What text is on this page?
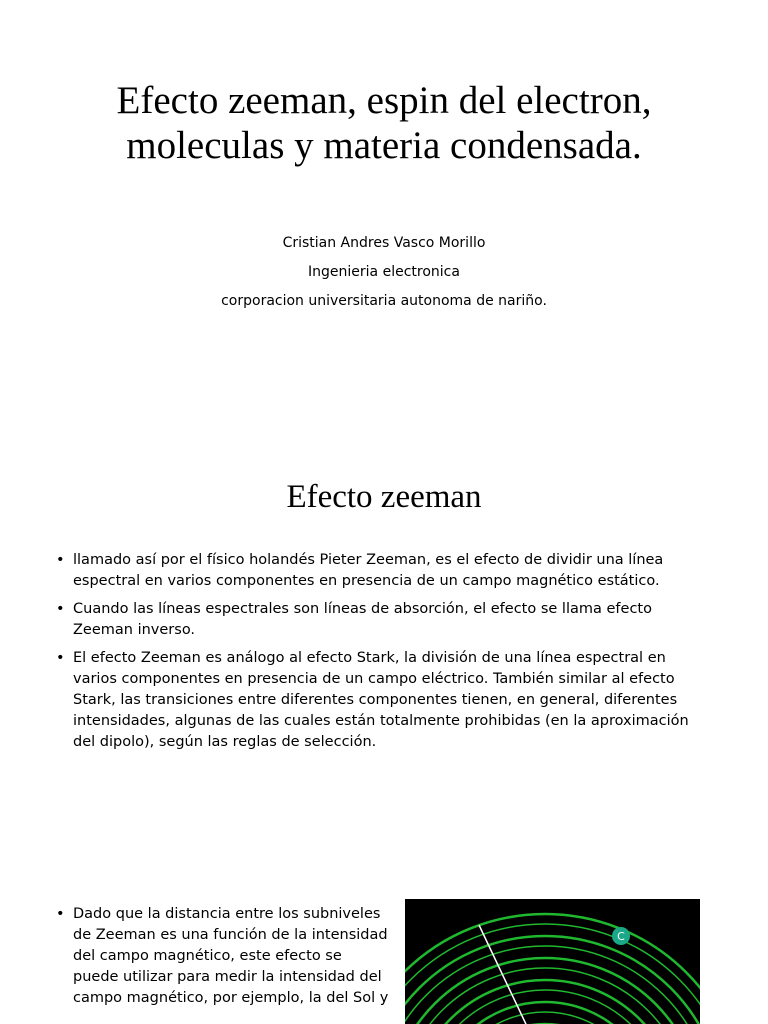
Efecto zeeman, espin del electron, moleculas y materia condensada.
Cristian Andres Vasco Morillo
Ingenieria electronica
corporacion universitaria autonoma de nariño.
Efecto zeeman
• llamado así por el físico holandés Pieter Zeeman, es el efecto de dividir una línea espectral en varios componentes en presencia de un campo magnético estático.
• Cuando las líneas espectrales son líneas de absorción, el efecto se llama efecto Zeeman inverso.
• El efecto Zeeman es análogo al efecto Stark, la división de una línea espectral en varios componentes en presencia de un campo eléctrico. También similar al efecto Stark, las transiciones entre diferentes componentes tienen, en general, diferentes intensidades, algunas de las cuales están totalmente prohibidas (en la aproximación del dipolo), según las reglas de selección.
• Dado que la distancia entre los subniveles de Zeeman es una función de la intensidad del campo magnético, este efecto se puede utilizar para medir la intensidad del campo magnético, por ejemplo, la del Sol y
C
